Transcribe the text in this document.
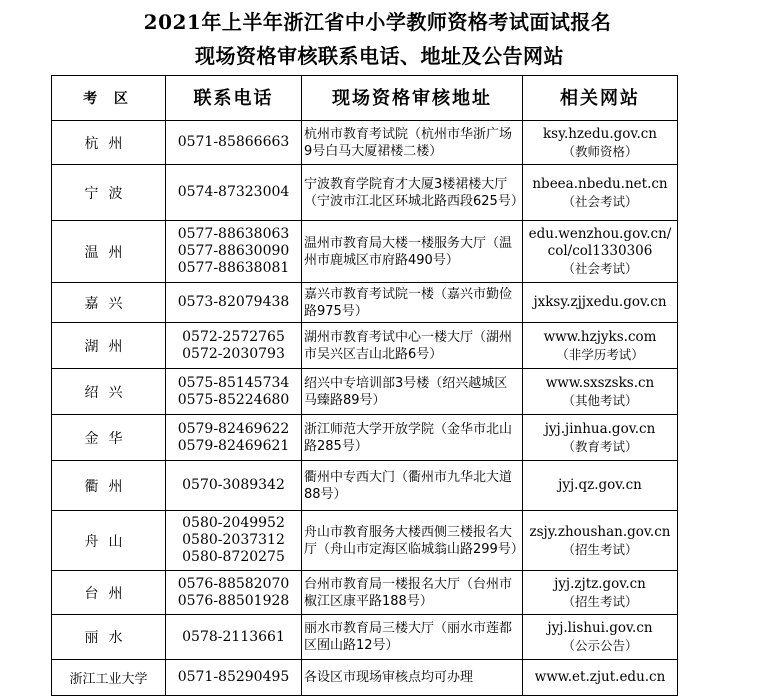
2021年上半年浙江省中小学教师资格考试面试报名
现场资格审核联系电话、地址及公告网站
考 区	联系电话	现场资格审核地址	相关网站
杭州	0571-85866663	杭州市教育考试院（杭州市华浙广场9号白马大厦裙楼二楼）	ksy.hzedu.gov.cn
（教师资格）

宁波	0574-87323004	宁波教育学院育才大厦3楼裙楼大厅（宁波市江北区环城北路西段625号）	nbeea.nbedu.net.cn
（社会考试）

温州	0577-88638063
0577-88630090
0577-88638081	温州市教育局大楼一楼服务大厅（温州市鹿城区市府路490号）	edu.wenzhou.gov.cn/col/col1330306
（社会考试）

嘉兴	0573-82079438	嘉兴市教育考试院一楼（嘉兴市勤俭路975号）	jxksy.zjjxedu.gov.cn

湖州	0572-2572765
0572-2030793	湖州市教育考试中心一楼大厅（湖州市吴兴区吉山北路6号）	www.hzjyks.com
（非学历考试）

绍兴	0575-85145734
0575-85224680	绍兴中专培训部3号楼（绍兴越城区马臻路89号）	www.sxszsks.cn
（其他考试）

金华	0579-82469622
0579-82469621	浙江师范大学开放学院（金华市北山路285号）	jyj.jinhua.gov.cn
（教育考试）

衢州	0570-3089342	衢州中专西大门（衢州市九华北大道88号）	jyj.qz.gov.cn

舟山	0580-2049952
0580-2037312
0580-8720275	舟山市教育服务大楼西侧三楼报名大厅（舟山市定海区临城翁山路299号）	zsjy.zhoushan.gov.cn
（招生考试）

台州	0576-88582070
0576-88501928	台州市教育局一楼报名大厅（台州市椒江区康平路188号）	jyj.zjtz.gov.cn
（招生考试）

丽水	0578-2113661	丽水市教育局三楼大厅（丽水市莲都区囿山路12号）	jyj.lishui.gov.cn
（公示公告）

浙江工业大学	0571-85290495	各设区市现场审核点均可办理	www.et.zjut.edu.cn
